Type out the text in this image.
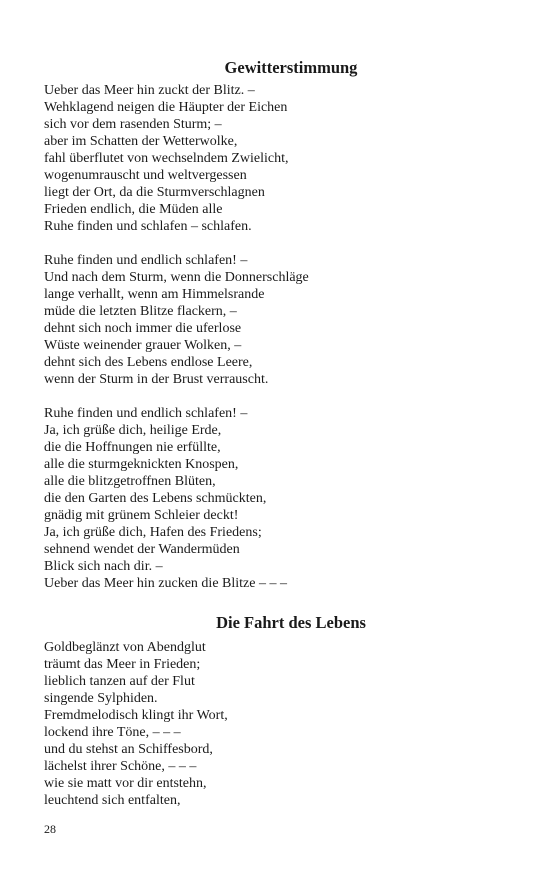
Gewitterstimmung
Ueber das Meer hin zuckt der Blitz. –
Wehklagend neigen die Häupter der Eichen
sich vor dem rasenden Sturm; –
aber im Schatten der Wetterwolke,
fahl überflutet von wechselndem Zwielicht,
wogenumrauscht und weltvergessen
liegt der Ort, da die Sturmverschlagnen
Frieden endlich, die Müden alle
Ruhe finden und schlafen – schlafen.
Ruhe finden und endlich schlafen! –
Und nach dem Sturm, wenn die Donnerschläge
lange verhallt, wenn am Himmelsrande
müde die letzten Blitze flackern, –
dehnt sich noch immer die uferlose
Wüste weinender grauer Wolken, –
dehnt sich des Lebens endlose Leere,
wenn der Sturm in der Brust verrauscht.
Ruhe finden und endlich schlafen! –
Ja, ich grüße dich, heilige Erde,
die die Hoffnungen nie erfüllte,
alle die sturmgeknickten Knospen,
alle die blitzgetroffnen Blüten,
die den Garten des Lebens schmückten,
gnädig mit grünem Schleier deckt!
Ja, ich grüße dich, Hafen des Friedens;
sehnend wendet der Wandermüden
Blick sich nach dir. –
Ueber das Meer hin zucken die Blitze – – –
Die Fahrt des Lebens
Goldbeglänzt von Abendglut
träumt das Meer in Frieden;
lieblich tanzen auf der Flut
singende Sylphiden.
Fremdmelodisch klingt ihr Wort,
lockend ihre Töne, – – –
und du stehst an Schiffesbord,
lächelst ihrer Schöne, – – –
wie sie matt vor dir entstehn,
leuchtend sich entfalten,
28
